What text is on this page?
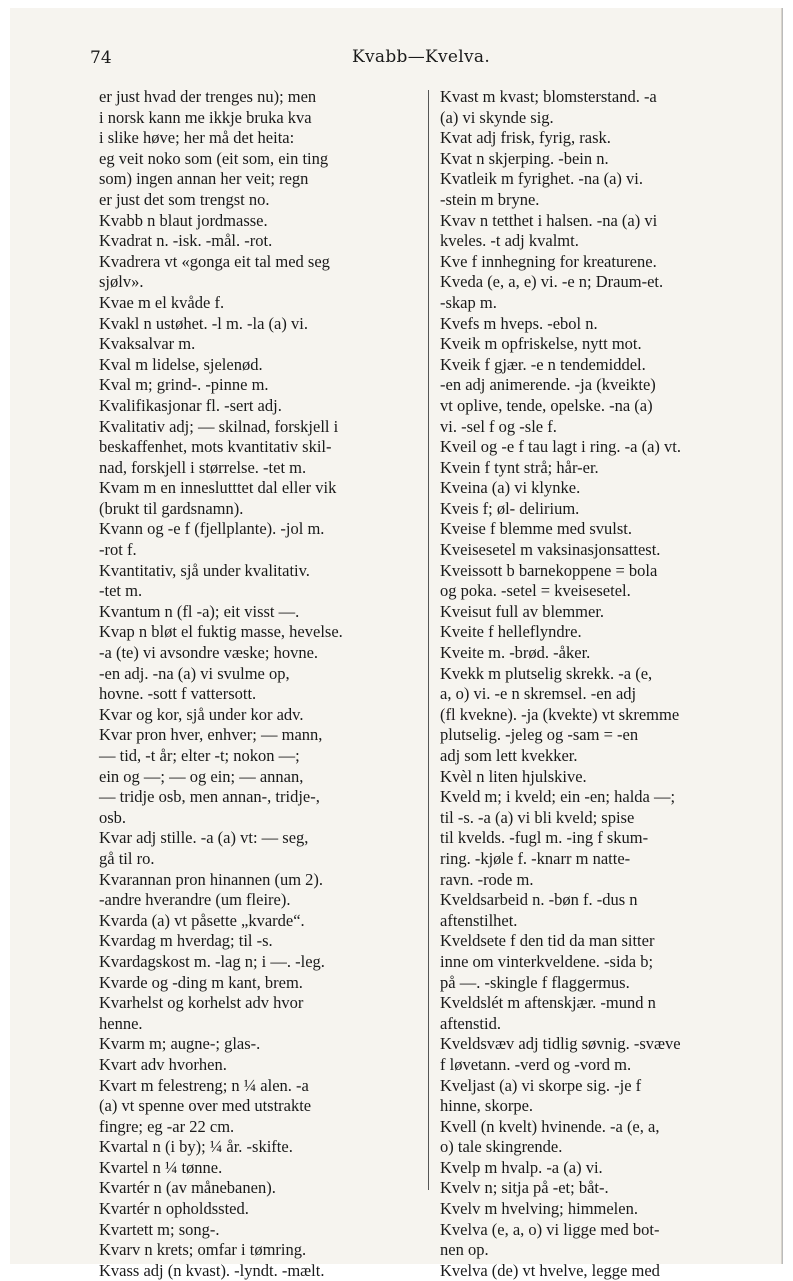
74	Kvabb—Kvelva.
er just hvad der trenges nu); men
i norsk kann me ikkje bruka kva
i slike høve; her må det heita:
eg veit noko som (eit som, ein ting
som) ingen annan her veit; regn
er just det som trengst no.
Kvabb n blaut jordmasse.
Kvadrat n. -isk. -mål. -rot.
Kvadrera vt «gonga eit tal med seg
sjølv».
Kvae m el kvåde f.
Kvakl n ustøhet. -l m. -la (a) vi.
Kvaksalvar m.
Kval m lidelse, sjelenød.
Kval m; grind-. -pinne m.
Kvalifikasjonar fl. -sert adj.
Kvalitativ adj; — skilnad, forskjell i
beskaffenhet, mots kvantitativ skil-
nad, forskjell i størrelse. -tet m.
Kvam m en inneslutttet dal eller vik
(brukt til gardsnamn).
Kvann og -e f (fjellplante). -jol m.
-rot f.
Kvantitativ, sjå under kvalitativ.
-tet m.
Kvantum n (fl -a); eit visst —.
Kvap n bløt el fuktig masse, hevelse.
-a (te) vi avsondre væske; hovne.
-en adj. -na (a) vi svulme op,
hovne. -sott f vattersott.
Kvar og kor, sjå under kor adv.
Kvar pron hver, enhver; — mann,
— tid, -t år; elter -t; nokon —;
ein og —; — og ein; — annan,
— tridje osb, men annan-, tridje-,
osb.
Kvar adj stille. -a (a) vt: — seg,
gå til ro.
Kvarannan pron hinannen (um 2).
-andre hverandre (um fleire).
Kvarda (a) vt påsette „kvarde“.
Kvardag m hverdag; til -s.
Kvardagskost m. -lag n; i —. -leg.
Kvarde og -ding m kant, brem.
Kvarhelst og korhelst adv hvor
henne.
Kvarm m; augne-; glas-.
Kvart adv hvorhen.
Kvart m felestreng; n ¼ alen. -a
(a) vt spenne over med utstrakte
fingre; eg -ar 22 cm.
Kvartal n (i by); ¼ år. -skifte.
Kvartel n ¼ tønne.
Kvartér n (av månebanen).
Kvartér n opholdssted.
Kvartett m; song-.
Kvarv n krets; omfar i tømring.
Kvass adj (n kvast). -lyndt. -mælt.
Kvast m kvast; blomsterstand. -a
(a) vi skynde sig.
Kvat adj frisk, fyrig, rask.
Kvat n skjerping. -bein n.
Kvatleik m fyrighet. -na (a) vi.
-stein m bryne.
Kvav n tetthet i halsen. -na (a) vi
kveles. -t adj kvalmt.
Kve f innhegning for kreaturene.
Kveda (e, a, e) vi. -e n; Draum-et.
-skap m.
Kvefs m hveps. -ebol n.
Kveik m opfriskelse, nytt mot.
Kveik f gjær. -e n tendemiddel.
-en adj animerende. -ja (kveikte)
vt oplive, tende, opelske. -na (a)
vi. -sel f og -sle f.
Kveil og -e f tau lagt i ring. -a (a) vt.
Kvein f tynt strå; hår-er.
Kveina (a) vi klynke.
Kveis f; øl- delirium.
Kveise f blemme med svulst.
Kveisesetel m vaksinasjonsattest.
Kveissott b barnekoppene = bola
og poka. -setel = kveisesetel.
Kveisut full av blemmer.
Kveite f helleflyndre.
Kveite m. -brød. -åker.
Kvekk m plutselig skrekk. -a (e,
a, o) vi. -e n skremsel. -en adj
(fl kvekne). -ja (kvekte) vt skremme
plutselig. -jeleg og -sam = -en
adj som lett kvekker.
Kvèl n liten hjulskive.
Kveld m; i kveld; ein -en; halda —;
til -s. -a (a) vi bli kveld; spise
til kvelds. -fugl m. -ing f skum-
ring. -kjøle f. -knarr m natte-
ravn. -rode m.
Kveldsarbeid n. -bøn f. -dus n
aftenstilhet.
Kveldsete f den tid da man sitter
inne om vinterkveldene. -sida b;
på —. -skingle f flaggermus.
Kveldslét m aftenskjær. -mund n
aftenstid.
Kveldsvæv adj tidlig søvnig. -svæve
f løvetann. -verd og -vord m.
Kveljast (a) vi skorpe sig. -je f
hinne, skorpe.
Kvell (n kvelt) hvinende. -a (e, a,
o) tale skingrende.
Kvelp m hvalp. -a (a) vi.
Kvelv n; sitja på -et; båt-.
Kvelv m hvelving; himmelen.
Kvelva (e, a, o) vi ligge med bot-
nen op.
Kvelva (de) vt hvelve, legge med
